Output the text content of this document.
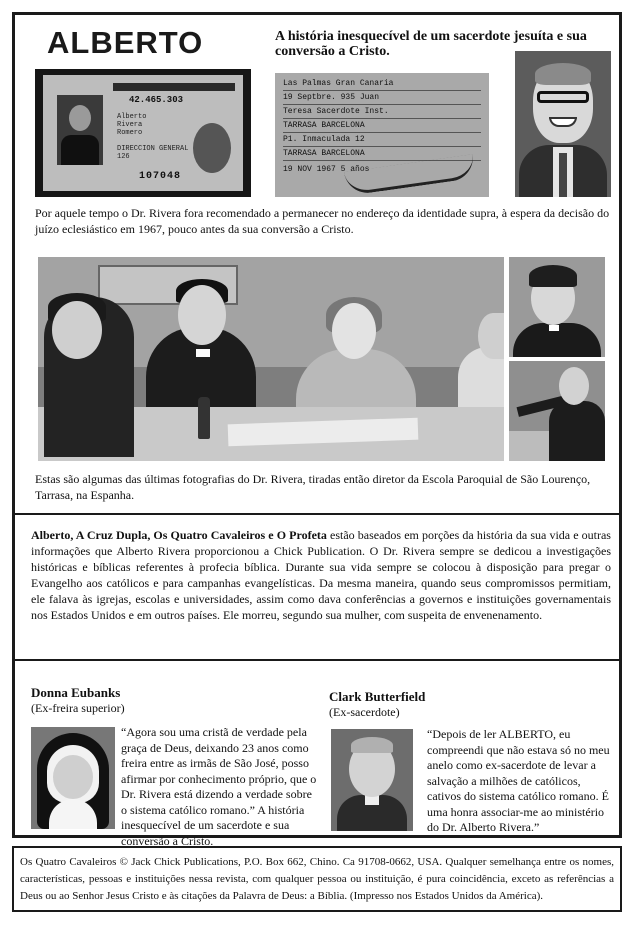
ALBERTO	A história inesquecível de um sacerdote jesuíta e sua conversão a Cristo.
42.465.303
Alberto
Rivera
Romero

DIRECCION GENERAL
126
107048
Las Palmas Gran Canaria
19 Septbre. 935 Juan
Teresa Sacerdote Inst.
TARRASA BARCELONA
P1. Inmaculada 12
TARRASA BARCELONA
19 NOV 1967 5 años
Por aquele tempo o Dr. Rivera fora recomendado a permanecer no endereço da identidade supra, à espera da decisão do juízo eclesiástico em 1967, pouco antes da sua conversão a Cristo.
Estas são algumas das últimas fotografias do Dr. Rivera, tiradas então diretor da Escola Paroquial de São Lourenço, Tarrasa, na Espanha.
Alberto, A Cruz Dupla, Os Quatro Cavaleiros e O Profeta estão baseados em porções da história da sua vida e outras informações que Alberto Rivera proporcionou a Chick Publication. O Dr. Rivera sempre se dedicou a investigações históricas e bíblicas referentes à profecia bíblica. Durante sua vida sempre se colocou à disposição para pregar o Evangelho aos católicos e para campanhas evangelísticas. Da mesma maneira, quando seus compromissos permitiam, ele falava às igrejas, escolas e universidades, assim como dava conferências a governos e instituições governamentais nos Estados Unidos e em outros países. Ele morreu, segundo sua mulher, com suspeita de envenenamento.
Donna Eubanks
(Ex-freira superior)
“Agora sou uma cristã de verdade pela graça de Deus, deixando 23 anos como freira entre as irmãs de São José, posso afirmar por conhecimento próprio, que o Dr. Rivera está dizendo a verdade sobre o sistema católico romano.” A história inesquecível de um sacerdote e sua conversão a Cristo.
Clark Butterfield
(Ex-sacerdote)
“Depois de ler ALBERTO, eu compreendi que não estava só no meu anelo como ex-sacerdote de levar a salvação a milhões de católicos, cativos do sistema católico romano. É uma honra associar-me ao ministério do Dr. Alberto Rivera.”
Os Quatro Cavaleiros © Jack Chick Publications, P.O. Box 662, Chino. Ca 91708-0662, USA. Qualquer semelhança entre os nomes, características, pessoas e instituições nessa revista, com qualquer pessoa ou instituição, é pura coincidência, exceto as referências a Deus ou ao Senhor Jesus Cristo e às citações da Palavra de Deus: a Bíblia. (Impresso nos Estados Unidos da América).
